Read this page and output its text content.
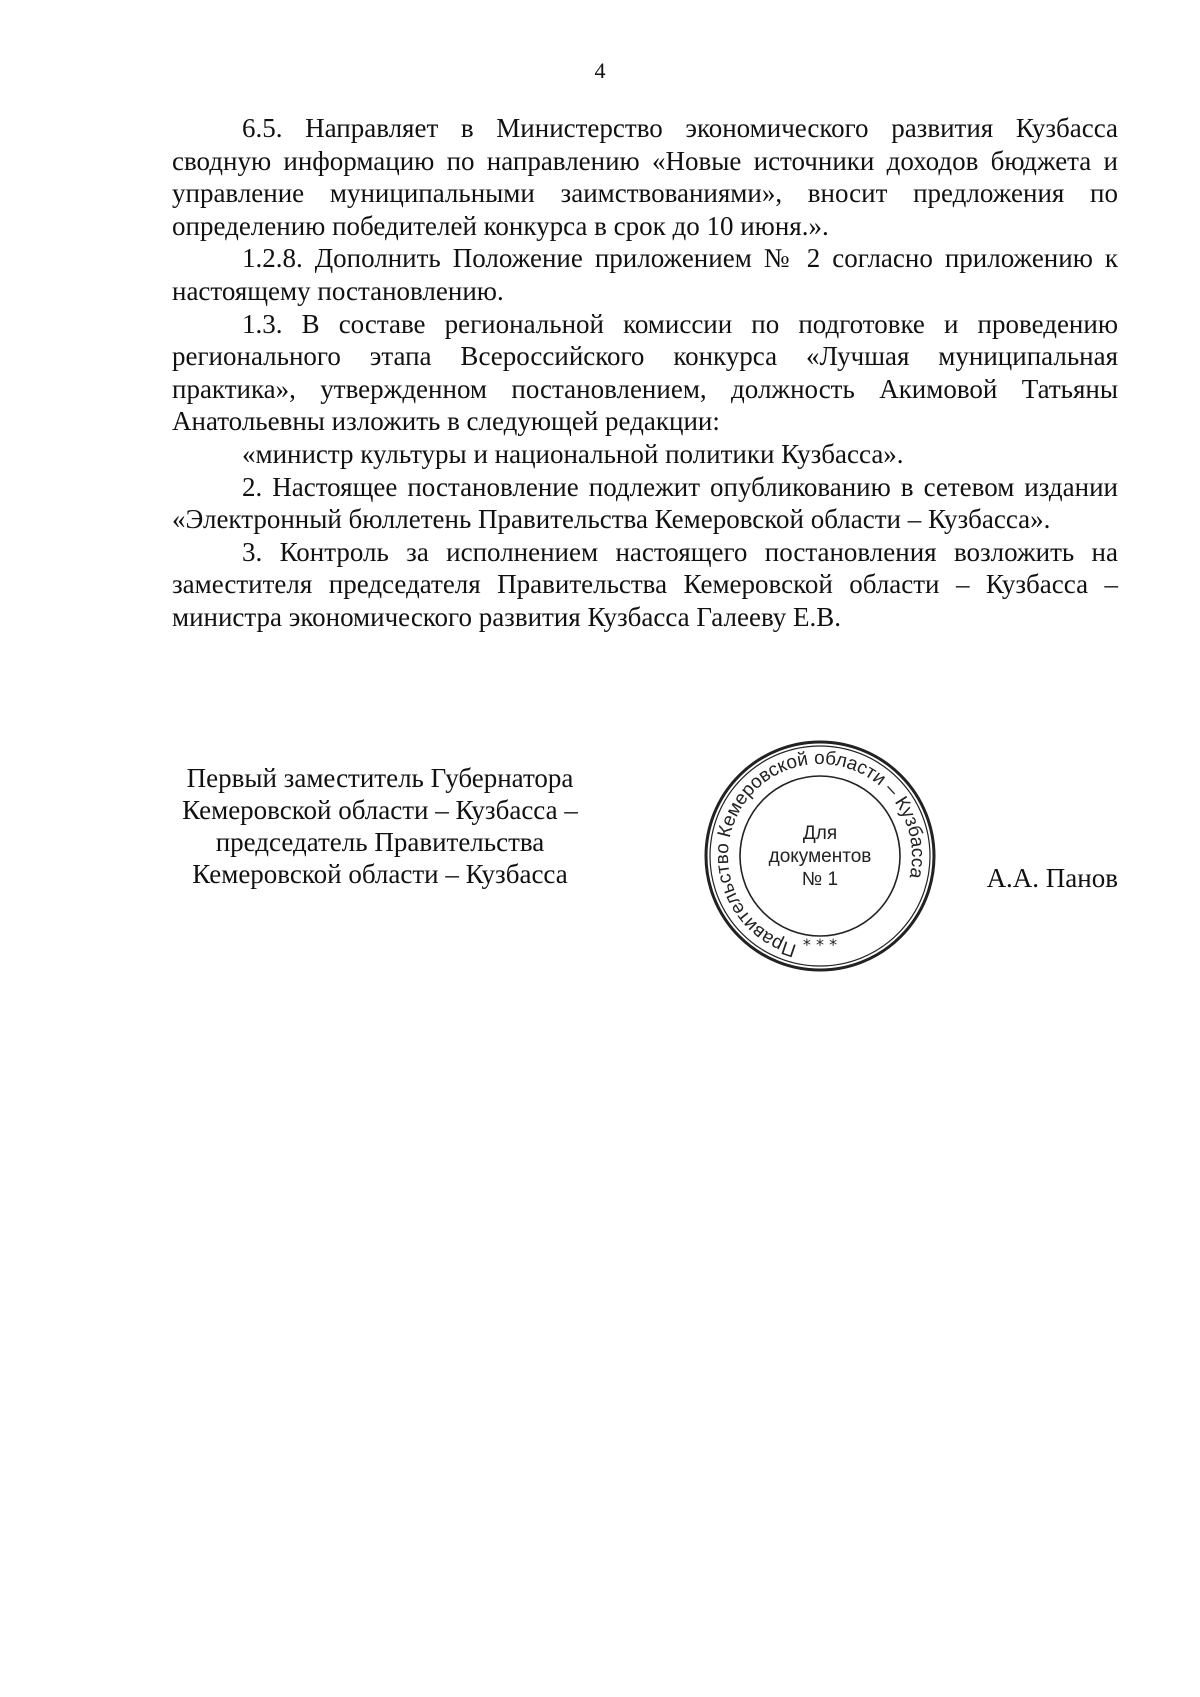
4

6.5. Направляет в Министерство экономического развития Кузбасса сводную информацию по направлению «Новые источники доходов бюджета и управление муниципальными заимствованиями», вносит предложения по определению победителей конкурса в срок до 10 июня.».

1.2.8. Дополнить Положение приложением № 2 согласно приложению к настоящему постановлению.

1.3. В составе региональной комиссии по подготовке и проведению регионального этапа Всероссийского конкурса «Лучшая муниципальная практика», утвержденном постановлением, должность Акимовой Татьяны Анатольевны изложить в следующей редакции:

«министр культуры и национальной политики Кузбасса».

2. Настоящее постановление подлежит опубликованию в сетевом издании «Электронный бюллетень Правительства Кемеровской области – Кузбасса».

3. Контроль за исполнением настоящего постановления возложить на заместителя председателя Правительства Кемеровской области – Кузбасса – министра экономического развития Кузбасса Галееву Е.В.

Первый заместитель Губернатора
Кемеровской области – Кузбасса –
председатель Правительства
Кемеровской области – Кузбасса
Правительство Кемеровской области – Кузбасса
Для
документов
№ 1
* * *
А.А. Панов
